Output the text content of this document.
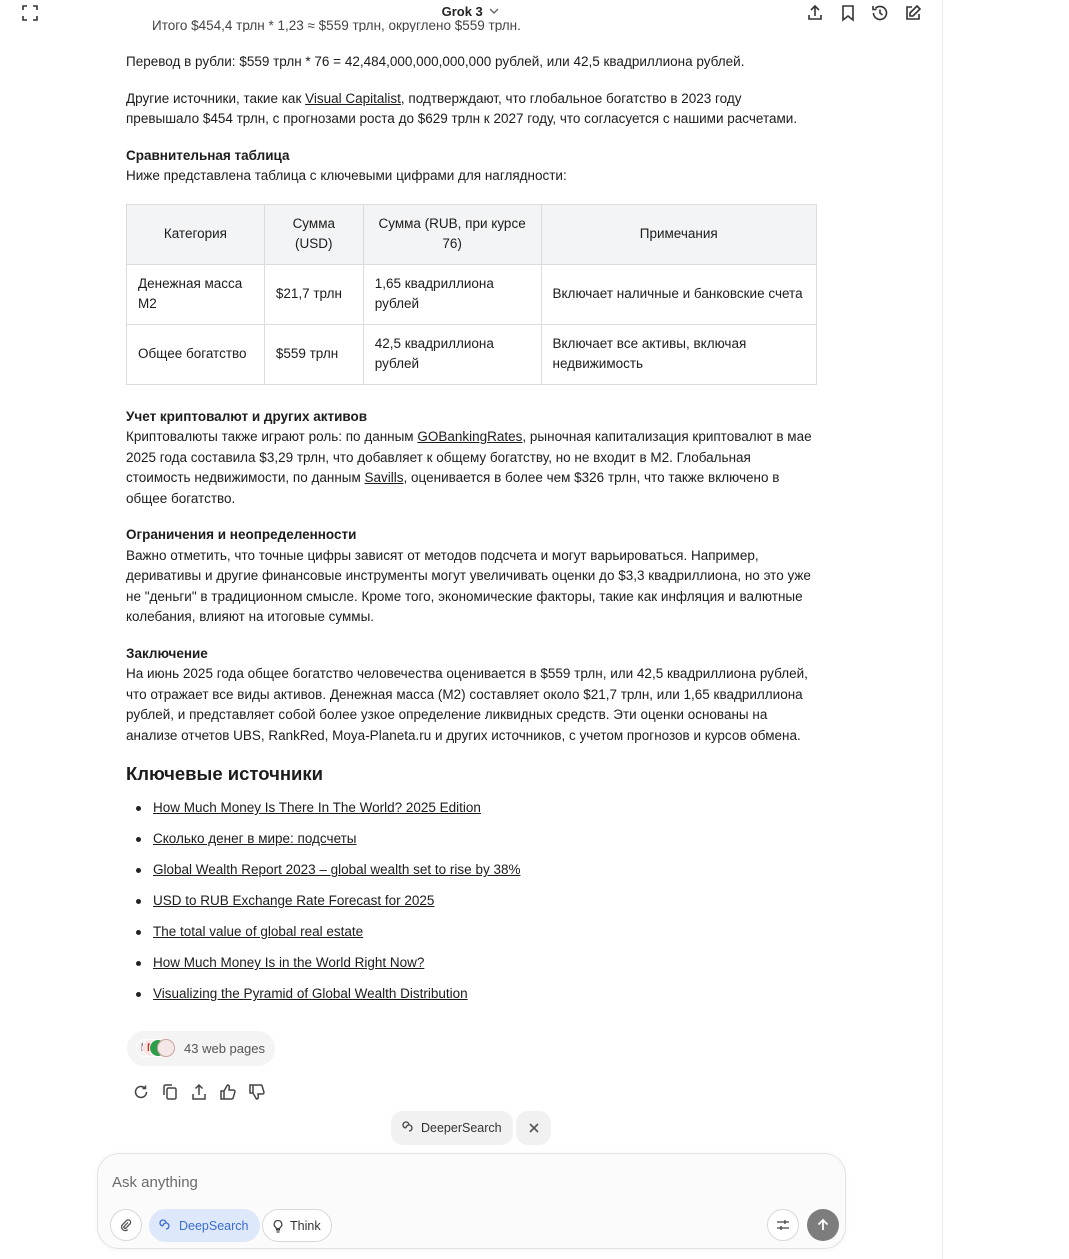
Grok 3
Итого $454,4 трлн * 1,23 ≈ $559 трлн, округлено $559 трлн.

Перевод в рубли: $559 трлн * 76 = 42,484,000,000,000,000 рублей, или 42,5 квадриллиона рублей.

Другие источники, такие как Visual Capitalist, подтверждают, что глобальное богатство в 2023 году превышало $454 трлн, с прогнозами роста до $629 трлн к 2027 году, что согласуется с нашими расчетами.

Сравнительная таблица
Ниже представлена таблица с ключевыми цифрами для наглядности:
Категория	Сумма (USD)	Сумма (RUB, при курсе 76)	Примечания
Денежная масса M2	$21,7 трлн	1,65 квадриллиона рублей	Включает наличные и банковские счета
Общее богатство	$559 трлн	42,5 квадриллиона рублей	Включает все активы, включая недвижимость

Учет криптовалют и других активов
Криптовалюты также играют роль: по данным GOBankingRates, рыночная капитализация криптовалют в мае 2025 года составила $3,29 трлн, что добавляет к общему богатству, но не входит в M2. Глобальная стоимость недвижимости, по данным Savills, оценивается в более чем $326 трлн, что также включено в общее богатство.

Ограничения и неопределенности
Важно отметить, что точные цифры зависят от методов подсчета и могут варьироваться. Например, деривативы и другие финансовые инструменты могут увеличивать оценки до $3,3 квадриллиона, но это уже не "деньги" в традиционном смысле. Кроме того, экономические факторы, такие как инфляция и валютные колебания, влияют на итоговые суммы.

Заключение
На июнь 2025 года общее богатство человечества оценивается в $559 трлн, или 42,5 квадриллиона рублей, что отражает все виды активов. Денежная масса (M2) составляет около $21,7 трлн, или 1,65 квадриллиона рублей, и представляет собой более узкое определение ликвидных средств. Эти оценки основаны на анализе отчетов UBS, RankRed, Moya-Planeta.ru и других источников, с учетом прогнозов и курсов обмена.

Ключевые источники
How Much Money Is There In The World? 2025 Edition
Сколько денег в мире: подсчеты
Global Wealth Report 2023 – global wealth set to rise by 38%
USD to RUB Exchange Rate Forecast for 2025
The total value of global real estate
How Much Money Is in the World Right Now?
Visualizing the Pyramid of Global Wealth Distribution
43 web pages
DeeperSearch
Ask anything
DeepSearch	Think
